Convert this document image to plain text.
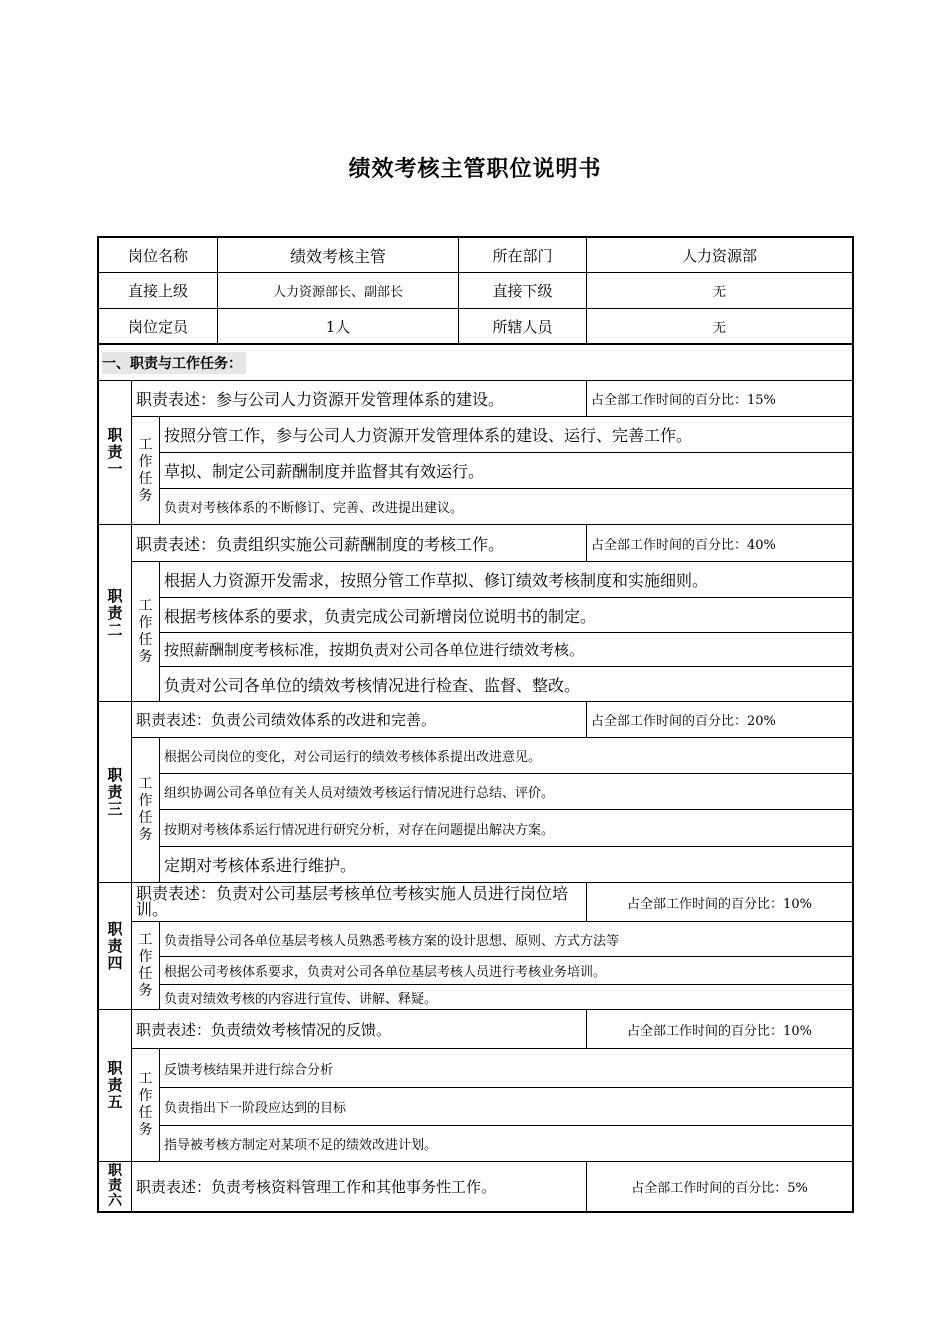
绩效考核主管职位说明书
岗位名称	绩效考核主管	所在部门	人力资源部
直接上级	人力资源部长、副部长	直接下级	无
岗位定员	1人	所辖人员	无
一、职责与工作任务：
职
责
一
职责表述：参与公司人力资源开发管理体系的建设。	占全部工作时间的百分比：15%
工
作
任
务
按照分管工作，参与公司人力资源开发管理体系的建设、运行、完善工作。
草拟、制定公司薪酬制度并监督其有效运行。
负责对考核体系的不断修订、完善、改进提出建议。
职
责
二
职责表述：负责组织实施公司薪酬制度的考核工作。	占全部工作时间的百分比：40%
工
作
任
务
根据人力资源开发需求，按照分管工作草拟、修订绩效考核制度和实施细则。
根据考核体系的要求，负责完成公司新增岗位说明书的制定。
按照薪酬制度考核标准，按期负责对公司各单位进行绩效考核。
负责对公司各单位的绩效考核情况进行检查、监督、整改。
职
责
三
职责表述：负责公司绩效体系的改进和完善。	占全部工作时间的百分比：20%
工
作
任
务
根据公司岗位的变化，对公司运行的绩效考核体系提出改进意见。
组织协调公司各单位有关人员对绩效考核运行情况进行总结、评价。
按期对考核体系运行情况进行研究分析，对存在问题提出解决方案。
定期对考核体系进行维护。
职
责
四
职责表述：负责对公司基层考核单位考核实施人员进行岗位培训。	占全部工作时间的百分比：10%
工
作
任
务
负责指导公司各单位基层考核人员熟悉考核方案的设计思想、原则、方式方法等
根据公司考核体系要求，负责对公司各单位基层考核人员进行考核业务培训。
负责对绩效考核的内容进行宣传、讲解、释疑。
职
责
五
职责表述：负责绩效考核情况的反馈。	占全部工作时间的百分比：10%
工
作
任
务
反馈考核结果并进行综合分析
负责指出下一阶段应达到的目标
指导被考核方制定对某项不足的绩效改进计划。
职
责
六
职责表述：负责考核资料管理工作和其他事务性工作。	占全部工作时间的百分比：5%
